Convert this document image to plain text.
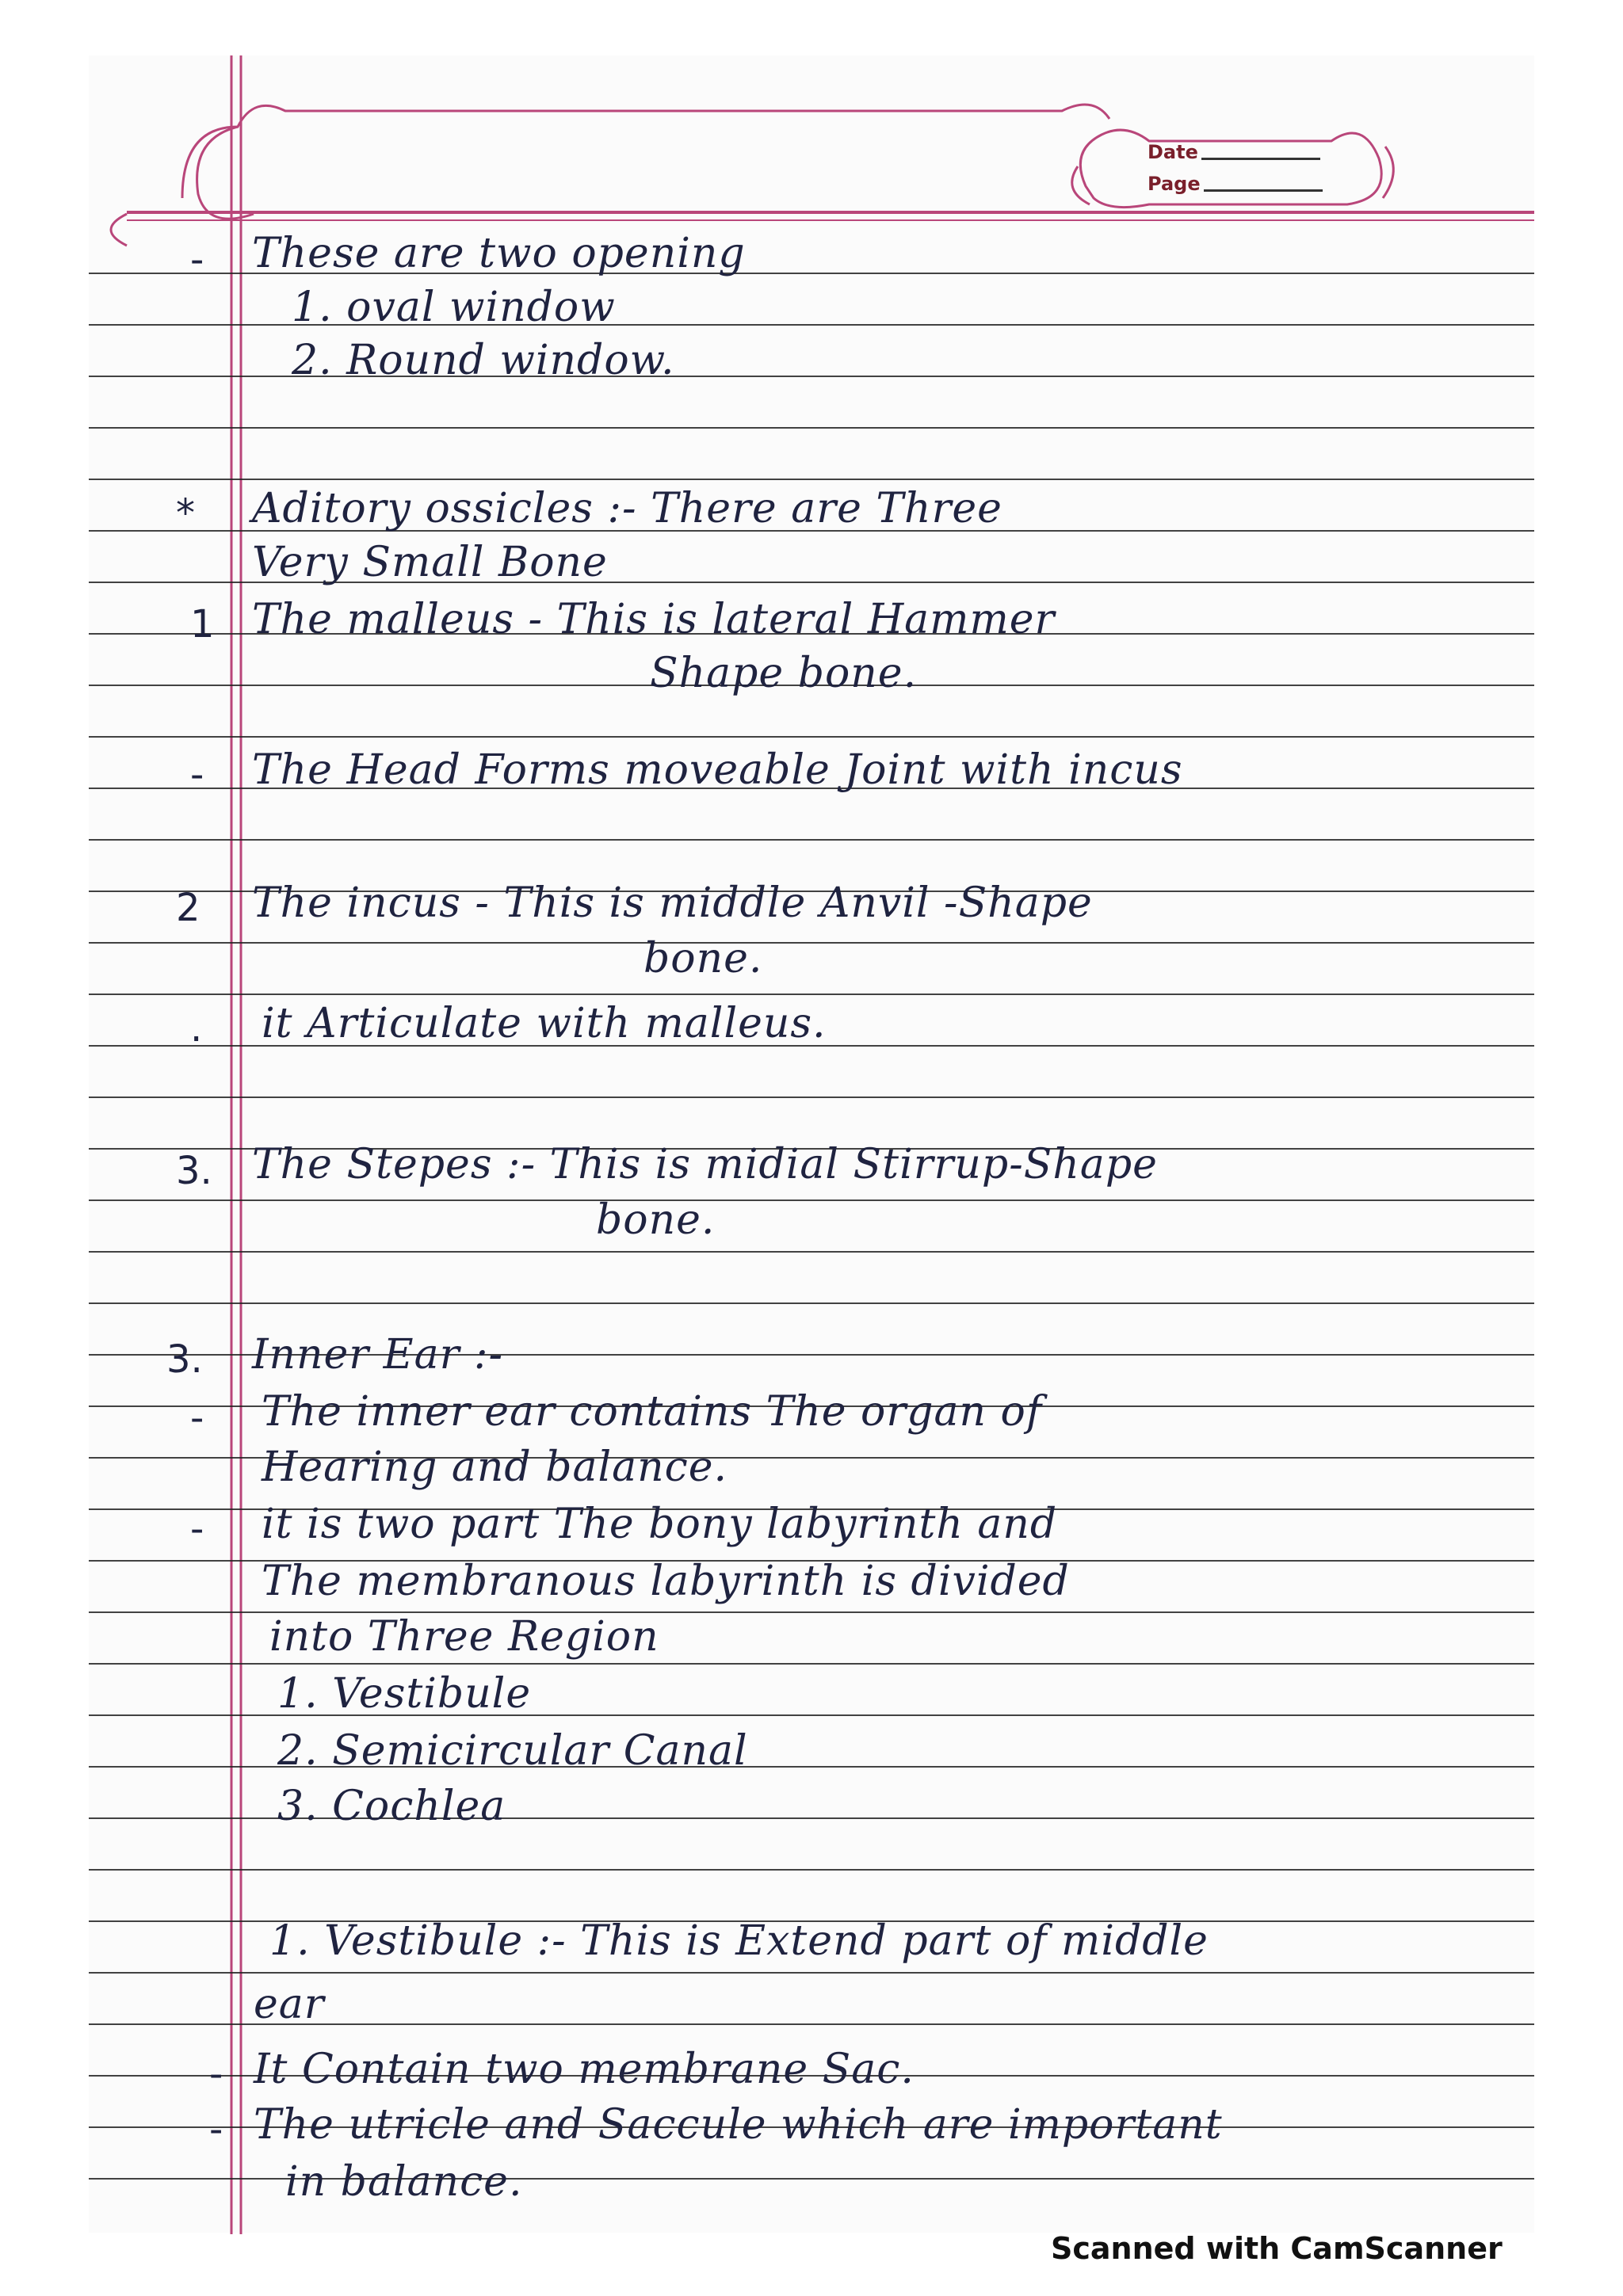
Date
Page
- These are two opening
1. oval window
2. Round window.
* Aditory ossicles :- There are Three
Very Small Bone
1 The malleus - This is lateral Hammer
Shape bone.
- The Head Forms moveable Joint with incus
2 The incus - This is middle Anvil -Shape
bone.
. it Articulate with malleus.
3. The Stepes :- This is midial Stirrup-Shape
bone.
3. Inner Ear :-
- The inner ear contains The organ of
Hearing and balance.
- it is two part The bony labyrinth and
The membranous labyrinth is divided
into Three Region
1. Vestibule
2. Semicircular Canal
3. Cochlea
1. Vestibule :- This is Extend part of middle
ear
- It Contain two membrane Sac.
- The utricle and Saccule which are important
in balance.
Scanned with CamScanner
